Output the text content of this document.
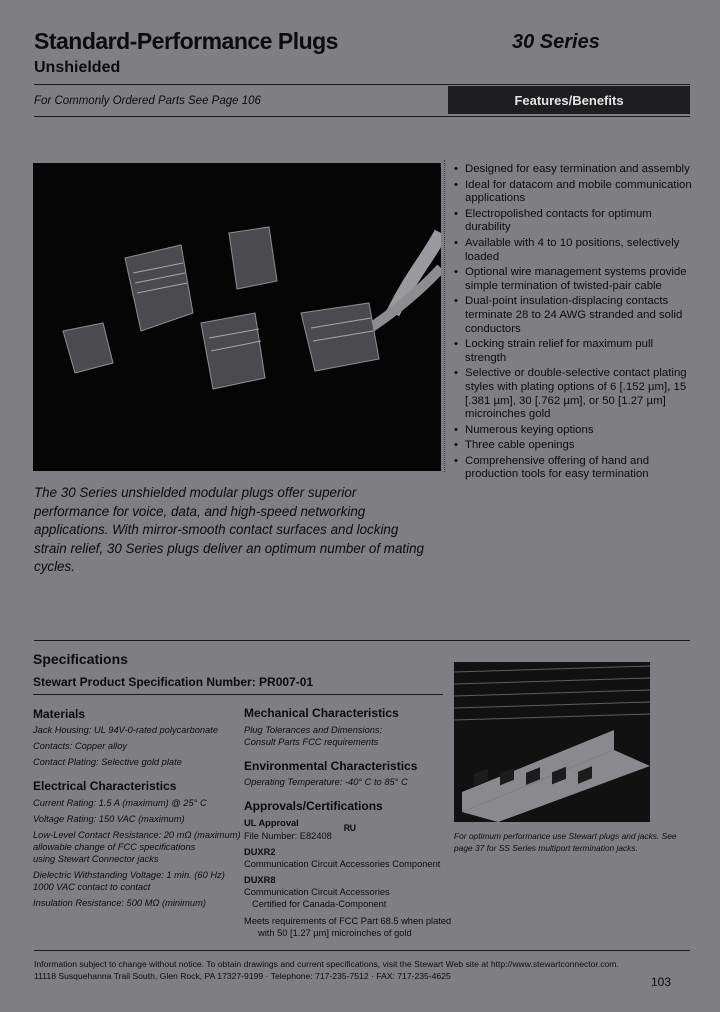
Standard-Performance Plugs	30 Series
Unshielded
For Commonly Ordered Parts See Page 106	Features/Benefits
• Designed for easy termination and assembly
• Ideal for datacom and mobile communication applications
• Electropolished contacts for optimum durability
• Available with 4 to 10 positions, selectively loaded
• Optional wire management systems provide simple termination of twisted-pair cable
• Dual-point insulation-displacing contacts terminate 28 to 24 AWG stranded and solid conductors
• Locking strain relief for maximum pull strength
• Selective or double-selective contact plating styles with plating options of 6 [.152 µm], 15 [.381 µm], 30 [.762 µm], or 50 [1.27 µm] microinches gold
• Numerous keying options
• Three cable openings
• Comprehensive offering of hand and production tools for easy termination
The 30 Series unshielded modular plugs offer superior performance for voice, data, and high-speed networking applications. With mirror-smooth contact surfaces and locking strain relief, 30 Series plugs deliver an optimum number of mating cycles.
Specifications
Stewart Product Specification Number: PR007-01
Materials
Jack Housing: UL 94V-0-rated polycarbonate
Contacts: Copper alloy
Contact Plating: Selective gold plate
Electrical Characteristics
Current Rating: 1.5 A (maximum) @ 25° C
Voltage Rating: 150 VAC (maximum)
Low-Level Contact Resistance: 20 mΩ (maximum)
allowable change of FCC specifications
using Stewart Connector jacks
Dielectric Withstanding Voltage: 1 min. (60 Hz)
1000 VAC contact to contact
Insulation Resistance: 500 MΩ (minimum)
Mechanical Characteristics
Plug Tolerances and Dimensions:
Consult Parts FCC requirements
Environmental Characteristics
Operating Temperature: -40° C to 85° C
Approvals/Certifications
UL Approval
File Number: E82408 ᴿᵁ
DUXR2
Communication Circuit Accessories Component
DUXR8
Communication Circuit Accessories
Certified for Canada-Component
Meets requirements of FCC Part 68.5 when plated
with 50 [1.27 µm] microinches of gold
For optimum performance use Stewart plugs and jacks. See page 37 for SS Series multiport termination jacks.
Information subject to change without notice. To obtain drawings and current specifications, visit the Stewart Web site at http://www.stewartconnector.com.
11118 Susquehanna Trail South, Glen Rock, PA 17327-9199 · Telephone: 717-235-7512 · FAX: 717-235-4625	103
